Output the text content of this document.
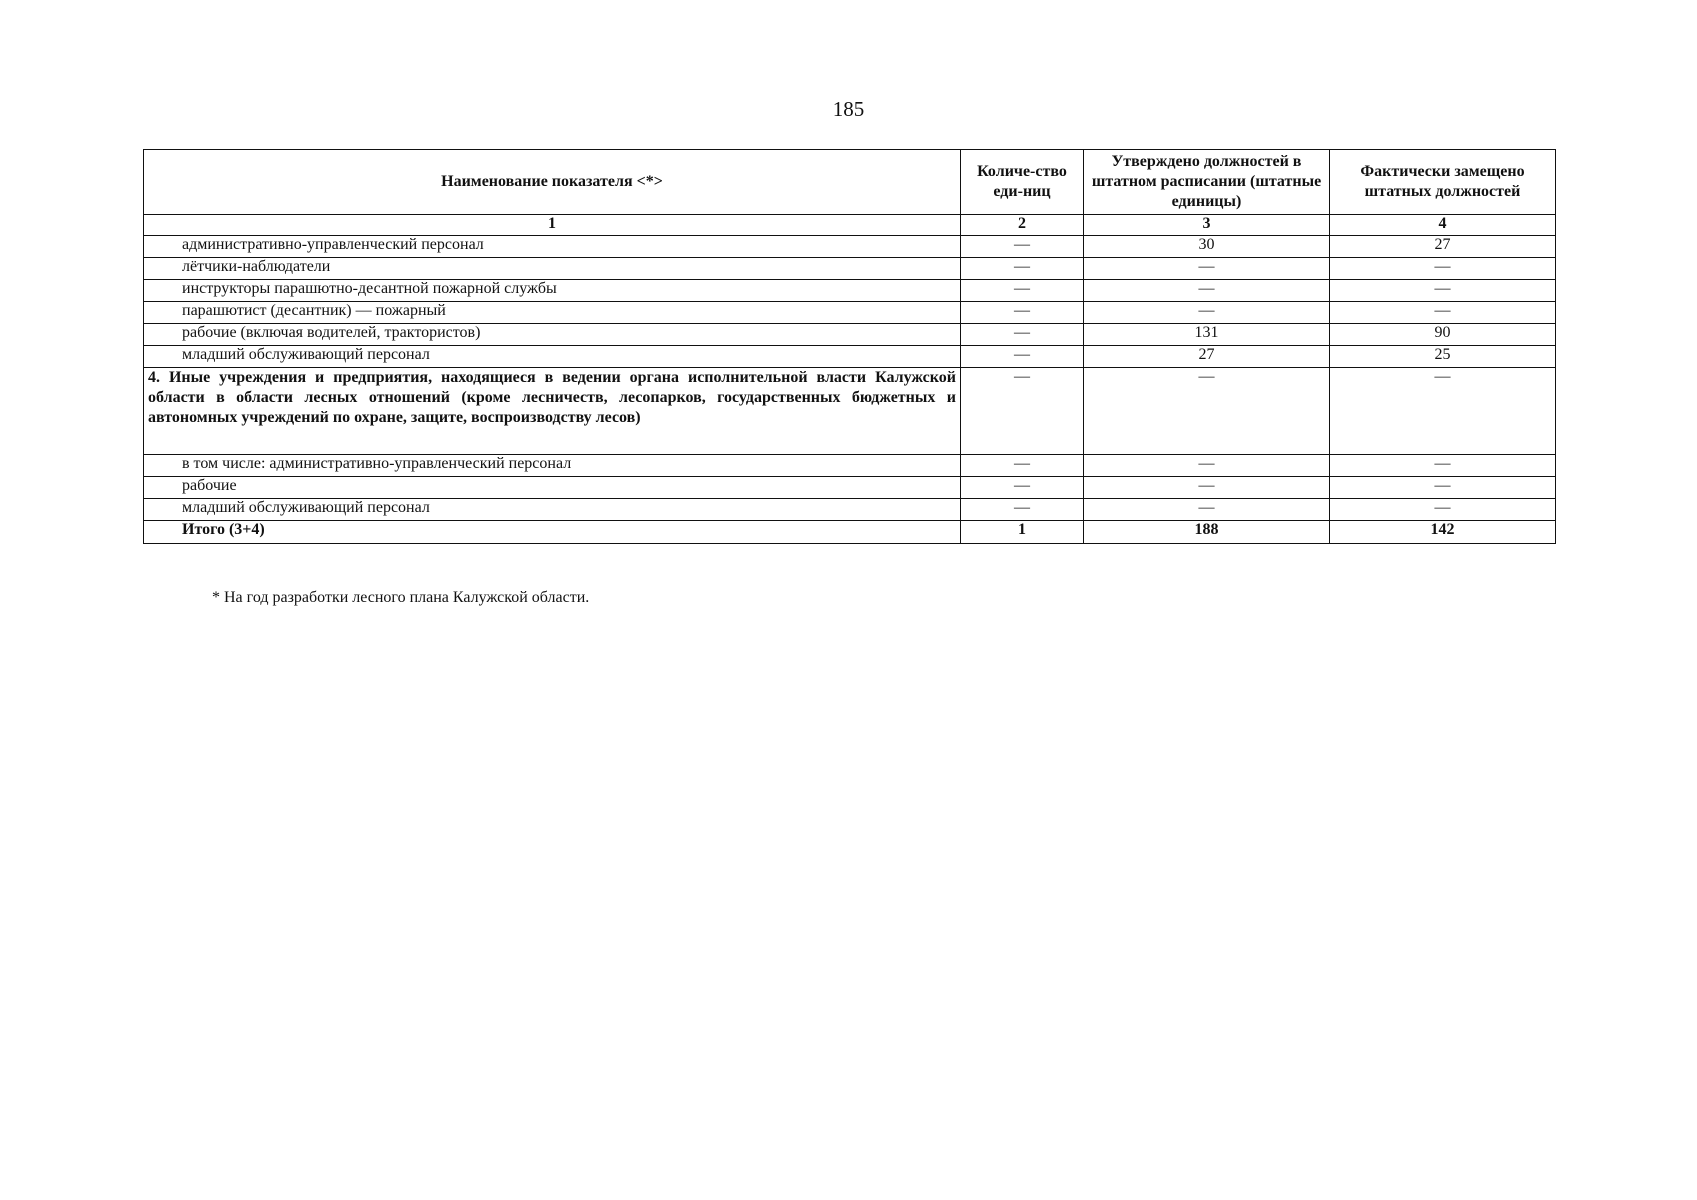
185
Наименование показателя <*>	Количе-ство еди-ниц	Утверждено должностей в штатном расписании (штатные единицы)	Фактически замещено штатных должностей
1	2	3	4
административно-управленческий персонал	—	30	27
лётчики-наблюдатели	—	—	—
инструкторы парашютно-десантной пожарной службы	—	—	—
парашютист (десантник) — пожарный	—	—	—
рабочие (включая водителей, трактористов)	—	131	90
младший обслуживающий персонал	—	27	25
4. Иные учреждения и предприятия, находящиеся в ведении органа исполнительной власти Калужской области в области лесных отношений (кроме лесничеств, лесопарков, государственных бюджетных и автономных учреждений по охране, защите, воспроизводству лесов)	—	—	—
в том числе: административно-управленческий персонал	—	—	—
рабочие	—	—	—
младший обслуживающий персонал	—	—	—
Итого (3+4)	1	188	142
* На год разработки лесного плана Калужской области.
